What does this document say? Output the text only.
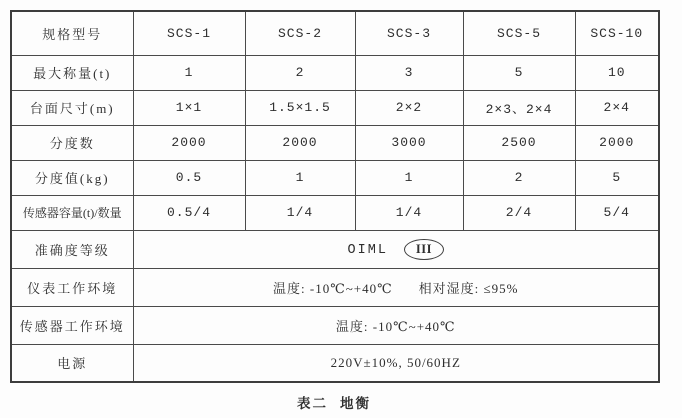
规格型号	SCS-1	SCS-2	SCS-3	SCS-5	SCS-10
最大称量(t)	1	2	3	5	10
台面尺寸(m)	1×1	1.5×1.5	2×2	2×3、2×4	2×4
分度数	2000	2000	3000	2500	2000
分度值(kg)	0.5	1	1	2	5
传感器容量(t)/数量	0.5/4	1/4	1/4	2/4	5/4
准确度等级	OIML III				
仪表工作环境	温度: -10℃~+40℃ 相对湿度: ≤95%				
传感器工作环境	温度: -10℃~+40℃				
电源	220V±10%, 50/60HZ				
表二 地衡
